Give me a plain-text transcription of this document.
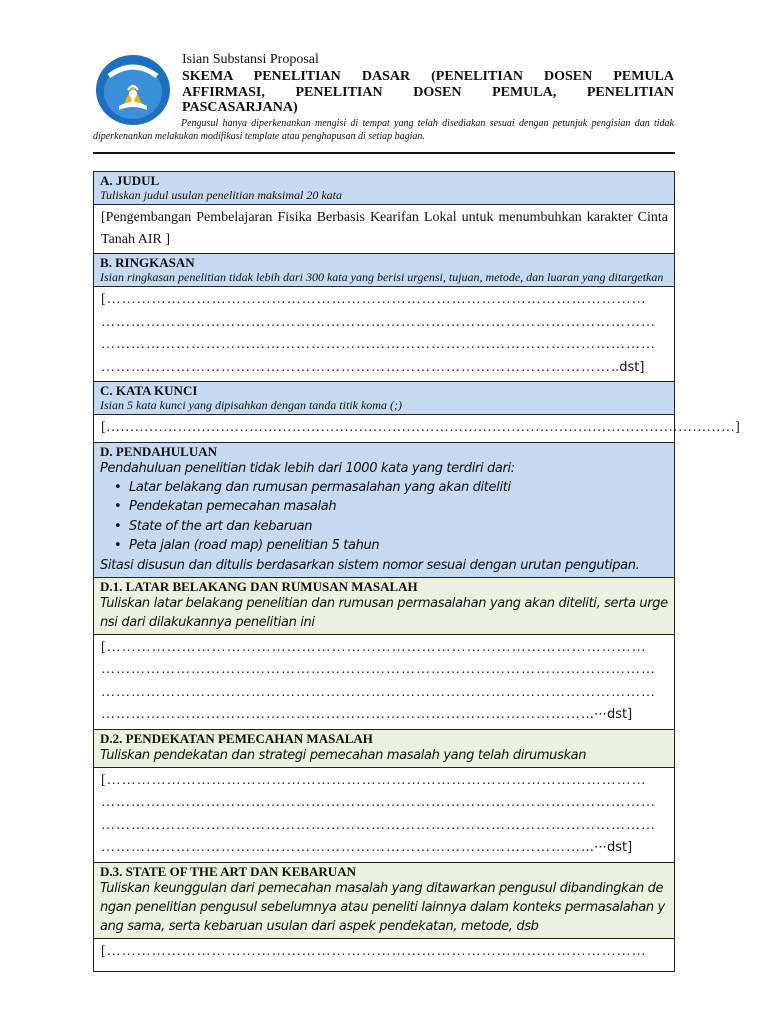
Isian Substansi Proposal
SKEMA PENELITIAN DASAR (PENELITIAN DOSEN PEMULA
AFFIRMASI, PENELITIAN DOSEN PEMULA, PENELITIAN
PASCASARJANA)
Pengusul hanya diperkenankan mengisi di tempat yang telah disediakan sesuai dengan petunjuk pengisian dan tidak diperkenankan melakukan modifikasi template atau penghapusan di setiap bagian.
A. JUDUL
Tuliskan judul usulan penelitian maksimal 20 kata
[Pengembangan Pembelajaran Fisika Berbasis Kearifan Lokal untuk menumbuhkan karakter Cinta Tanah AIR ]
B. RINGKASAN
Isian ringkasan penelitian tidak lebih dari 300 kata yang berisi urgensi, tujuan, metode, dan luaran yang ditargetkan
[………………………………………………………………………………………………
…………………………………………………………………………………………………
…………………………………………………………………………………………………
…………………………………………………………………………………………..dst]
C. KATA KUNCI
Isian 5 kata kunci yang dipisahkan dengan tanda titik koma (;)
[……………………………………………………………………………………………………………………]
D. PENDAHULUAN
Pendahuluan penelitian tidak lebih dari 1000 kata yang terdiri dari:
• Latar belakang dan rumusan permasalahan yang akan diteliti
• Pendekatan pemecahan masalah
• State of the art dan kebaruan
• Peta jalan (road map) penelitian 5 tahun
Sitasi disusun dan ditulis berdasarkan sistem nomor sesuai dengan urutan pengutipan.
D.1. LATAR BELAKANG DAN RUMUSAN MASALAH
Tuliskan latar belakang penelitian dan rumusan permasalahan yang akan diteliti, serta urgensi dari dilakukannya penelitian ini
[………………………………………………………………………………………………
…………………………………………………………………………………………………
…………………………………………………………………………………………………
………………………………………………………………………………………⋯dst]
D.2. PENDEKATAN PEMECAHAN MASALAH
Tuliskan pendekatan dan strategi pemecahan masalah yang telah dirumuskan
[………………………………………………………………………………………………
…………………………………………………………………………………………………
…………………………………………………………………………………………………
………………………………………………………………………………………⋯dst]
D.3. STATE OF THE ART DAN KEBARUAN
Tuliskan keunggulan dari pemecahan masalah yang ditawarkan pengusul dibandingkan dengan penelitian pengusul sebelumnya atau peneliti lainnya dalam konteks permasalahan yang sama, serta kebaruan usulan dari aspek pendekatan, metode, dsb
[………………………………………………………………………………………………
